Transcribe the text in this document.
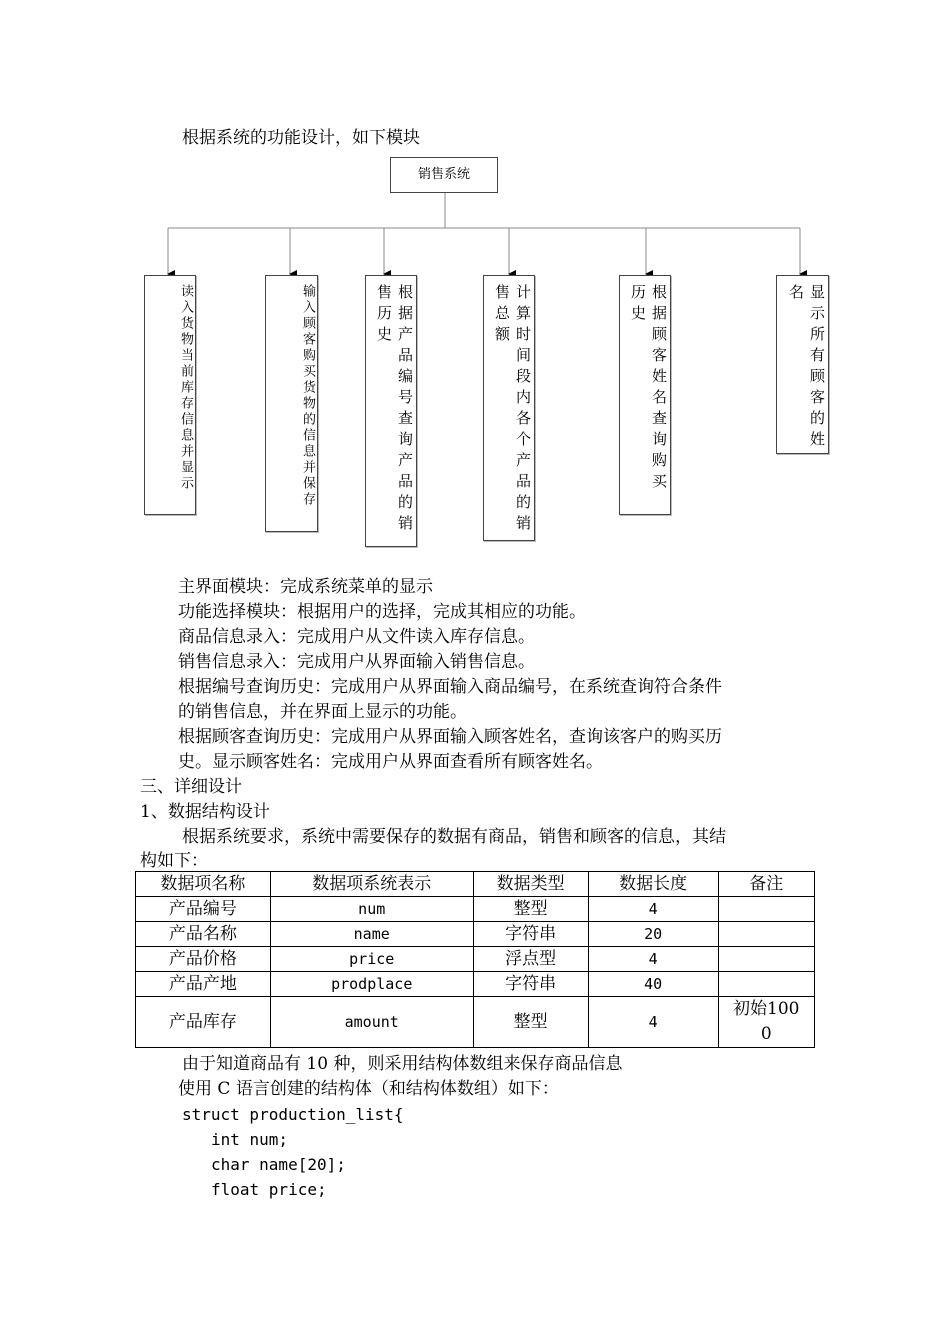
根据系统的功能设计，如下模块
销售系统
读入货物当前库存信息并显示	输入顾客购买货物的信息并保存	根据产品编号查询产品的销售历史	计算时间段内各个产品的销售总额	根据顾客姓名查询购买历史	显示所有顾客的姓名
主界面模块：完成系统菜单的显示
功能选择模块：根据用户的选择，完成其相应的功能。
商品信息录入：完成用户从文件读入库存信息。
销售信息录入：完成用户从界面输入销售信息。
根据编号查询历史：完成用户从界面输入商品编号，在系统查询符合条件
的销售信息，并在界面上显示的功能。
根据顾客查询历史：完成用户从界面输入顾客姓名，查询该客户的购买历
史。显示顾客姓名：完成用户从界面查看所有顾客姓名。
三、详细设计
1、数据结构设计
根据系统要求，系统中需要保存的数据有商品，销售和顾客的信息，其结
构如下：
数据项名称	数据项系统表示	数据类型	数据长度	备注
产品编号	num	整型	4	
产品名称	name	字符串	20	
产品价格	price	浮点型	4	
产品产地	prodplace	字符串	40	
产品库存	amount	整型	4	初始1000
由于知道商品有 10 种，则采用结构体数组来保存商品信息
使用 C 语言创建的结构体（和结构体数组）如下：
struct production_list{
int num;
char name[20];
float price;
